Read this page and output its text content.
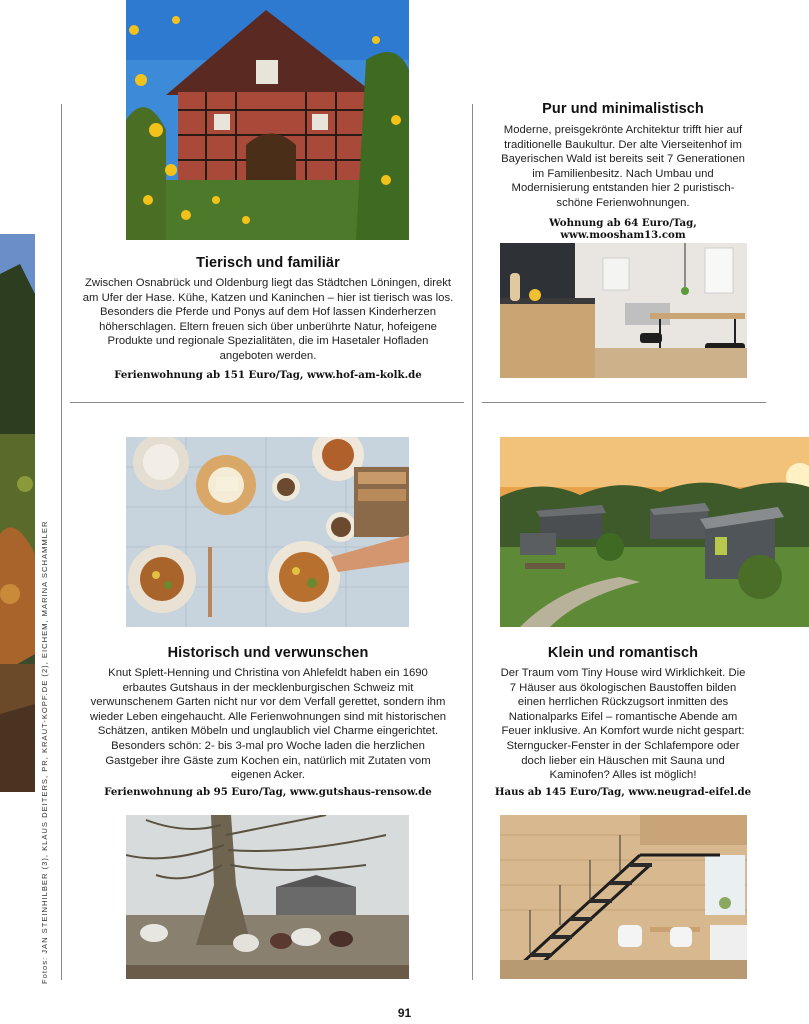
Fotos: JAN STEINHILBER (3), KLAUS DEITERS, PR, KRAUT-KOPF.DE (2), EICHEM, MARINA SCHAMMLER
Tierisch und familiär
Zwischen Osnabrück und Oldenburg liegt das Städtchen Löningen, direkt am Ufer der Hase. Kühe, Katzen und Kaninchen – hier ist tierisch was los. Besonders die Pferde und Ponys auf dem Hof lassen Kinderherzen höherschlagen. Eltern freuen sich über unberührte Natur, hofeigene Produkte und regionale Spezialitäten, die im Hasetaler Hofladen angeboten werden.
Ferienwohnung ab 151 Euro/Tag, www.hof-am-kolk.de
Pur und minimalistisch
Moderne, preisgekrönte Architektur trifft hier auf traditionelle Baukultur. Der alte Vierseitenhof im Bayerischen Wald ist bereits seit 7 Generationen im Familienbesitz. Nach Umbau und Modernisierung entstanden hier 2 puristisch-schöne Ferienwohnungen.
Wohnung ab 64 Euro/Tag, www.moosham13.com
Historisch und verwunschen
Knut Splett-Henning und Christina von Ahlefeldt haben ein 1690 erbautes Gutshaus in der mecklenburgischen Schweiz mit verwunschenem Garten nicht nur vor dem Verfall gerettet, sondern ihm wieder Leben eingehaucht. Alle Ferienwohnungen sind mit historischen Schätzen, antiken Möbeln und unglaublich viel Charme eingerichtet. Besonders schön: 2- bis 3-mal pro Woche laden die herzlichen Gastgeber ihre Gäste zum Kochen ein, natürlich mit Zutaten vom eigenen Acker.
Ferienwohnung ab 95 Euro/Tag, www.gutshaus-rensow.de
Klein und romantisch
Der Traum vom Tiny House wird Wirklichkeit. Die 7 Häuser aus ökologischen Baustoffen bilden einen herrlichen Rückzugsort inmitten des Nationalparks Eifel – romantische Abende am Feuer inklusive. An Komfort wurde nicht gespart: Sterngucker-Fenster in der Schlafempore oder doch lieber ein Häuschen mit Sauna und Kaminofen? Alles ist möglich!
Haus ab 145 Euro/Tag, www.neugrad-eifel.de
91
